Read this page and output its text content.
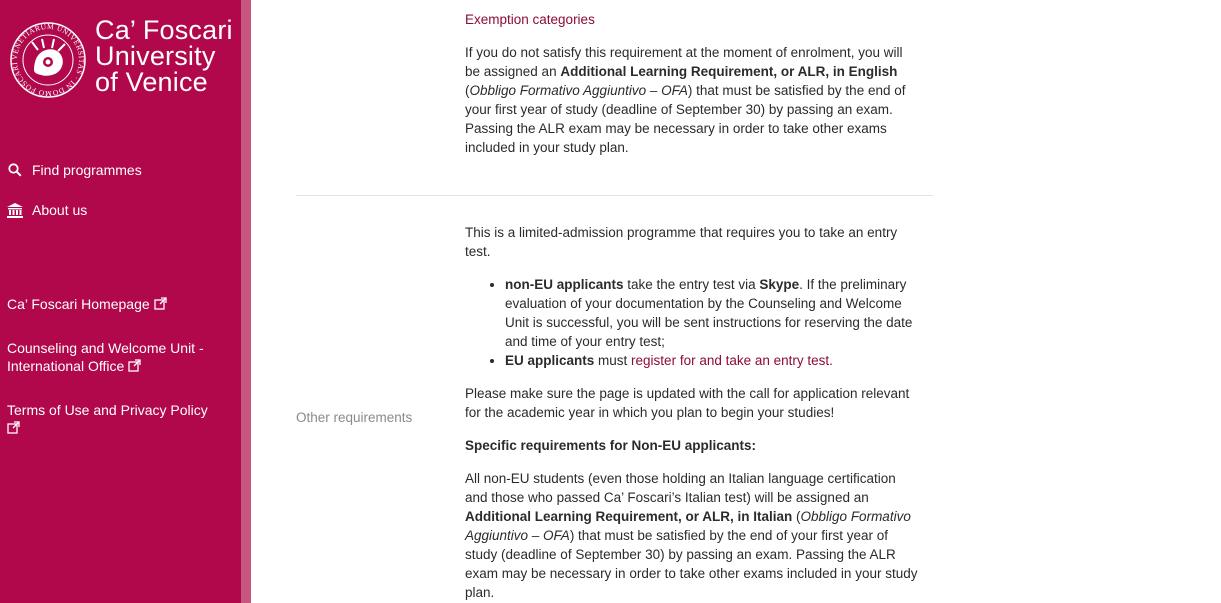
VENETIARUM UNIVERSITAS · IN DOMO FOSCARI
Ca’ Foscari
University
of Venice
Find programmes
About us
Ca’ Foscari Homepage
Counseling and Welcome Unit - International Office
Terms of Use and Privacy Policy

Exemption categories

If you do not satisfy this requirement at the moment of enrolment, you will be assigned an Additional Learning Requirement, or ALR, in English (Obbligo Formativo Aggiuntivo – OFA) that must be satisfied by the end of your first year of study (deadline of September 30) by passing an exam. Passing the ALR exam may be necessary in order to take other exams included in your study plan.

Other requirements

This is a limited-admission programme that requires you to take an entry test.

• non-EU applicants take the entry test via Skype. If the preliminary evaluation of your documentation by the Counseling and Welcome Unit is successful, you will be sent instructions for reserving the date and time of your entry test;
• EU applicants must register for and take an entry test.

Please make sure the page is updated with the call for application relevant for the academic year in which you plan to begin your studies!

Specific requirements for Non-EU applicants:

All non-EU students (even those holding an Italian language certification and those who passed Ca’ Foscari’s Italian test) will be assigned an Additional Learning Requirement, or ALR, in Italian (Obbligo Formativo Aggiuntivo – OFA) that must be satisfied by the end of your first year of study (deadline of September 30) by passing an exam. Passing the ALR exam may be necessary in order to take other exams included in your study plan.
